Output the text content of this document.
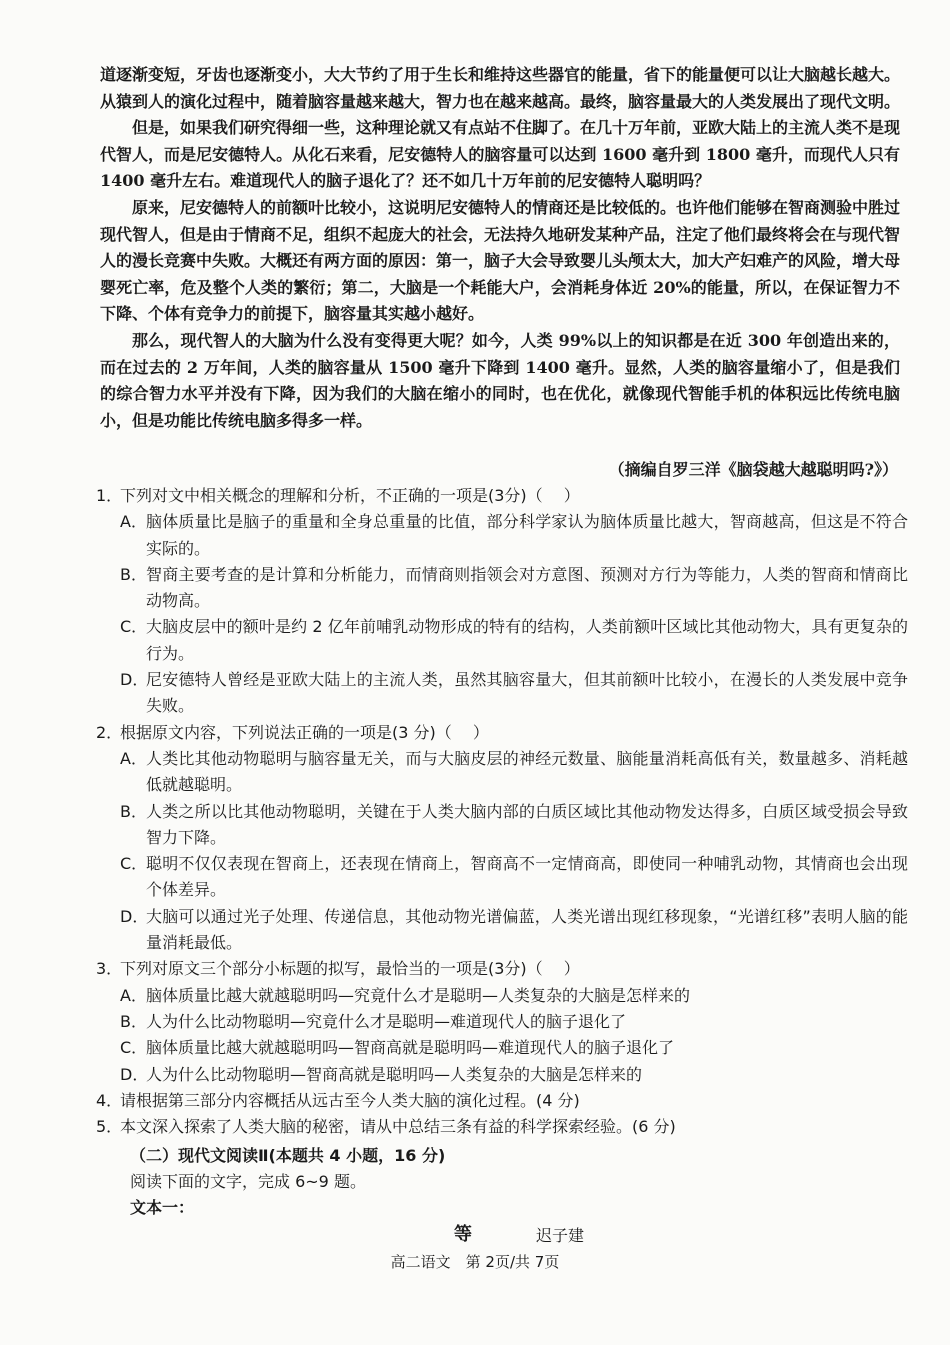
道逐渐变短，牙齿也逐渐变小，大大节约了用于生长和维持这些器官的能量，省下的能量便可以让大脑越长越大。从猿到人的演化过程中，随着脑容量越来越大，智力也在越来越高。最终，脑容量最大的人类发展出了现代文明。

但是，如果我们研究得细一些，这种理论就又有点站不住脚了。在几十万年前，亚欧大陆上的主流人类不是现代智人，而是尼安德特人。从化石来看，尼安德特人的脑容量可以达到 1600 毫升到 1800 毫升，而现代人只有 1400 毫升左右。难道现代人的脑子退化了？还不如几十万年前的尼安德特人聪明吗？

原来，尼安德特人的前额叶比较小，这说明尼安德特人的情商还是比较低的。也许他们能够在智商测验中胜过现代智人，但是由于情商不足，组织不起庞大的社会，无法持久地研发某种产品，注定了他们最终将会在与现代智人的漫长竞赛中失败。大概还有两方面的原因：第一，脑子大会导致婴儿头颅太大，加大产妇难产的风险，增大母婴死亡率，危及整个人类的繁衍；第二，大脑是一个耗能大户，会消耗身体近 20%的能量，所以，在保证智力不下降、个体有竞争力的前提下，脑容量其实越小越好。

那么，现代智人的大脑为什么没有变得更大呢？如今，人类 99%以上的知识都是在近 300 年创造出来的，而在过去的 2 万年间，人类的脑容量从 1500 毫升下降到 1400 毫升。显然，人类的脑容量缩小了，但是我们的综合智力水平并没有下降，因为我们的大脑在缩小的同时，也在优化，就像现代智能手机的体积远比传统电脑小，但是功能比传统电脑多得多一样。

（摘编自罗三洋《脑袋越大越聪明吗?》）
1．
下列对文中相关概念的理解和分析，不正确的一项是(3分)（　 ）
A． 脑体质量比是脑子的重量和全身总重量的比值，部分科学家认为脑体质量比越大，智商越高，但这是不符合实际的。
B． 智商主要考查的是计算和分析能力，而情商则指领会对方意图、预测对方行为等能力，人类的智商和情商比动物高。
C．
大脑皮层中的额叶是约 2 亿年前哺乳动物形成的特有的结构，人类前额叶区域比其他动物大，具有更复杂的行为。
D．
尼安德特人曾经是亚欧大陆上的主流人类，虽然其脑容量大，但其前额叶比较小，在漫长的人类发展中竞争失败。
2．
根据原文内容，下列说法正确的一项是(3 分)（　 ）
A． 人类比其他动物聪明与脑容量无关，而与大脑皮层的神经元数量、脑能量消耗高低有关，数量越多、消耗越低就越聪明。
B． 人类之所以比其他动物聪明，关键在于人类大脑内部的白质区域比其他动物发达得多，白质区域受损会导致智力下降。
C．
聪明不仅仅表现在智商上，还表现在情商上，智商高不一定情商高，即使同一种哺乳动物，其情商也会出现个体差异。
D．
大脑可以通过光子处理、传递信息，其他动物光谱偏蓝，人类光谱出现红移现象，“光谱红移”表明人脑的能量消耗最低。
3．
下列对原文三个部分小标题的拟写，最恰当的一项是(3分)（　 ）
A． 脑体质量比越大就越聪明吗—究竟什么才是聪明—人类复杂的大脑是怎样来的
B． 人为什么比动物聪明—究竟什么才是聪明—难道现代人的脑子退化了
C．
脑体质量比越大就越聪明吗—智商高就是聪明吗—难道现代人的脑子退化了
D．
人为什么比动物聪明—智商高就是聪明吗—人类复杂的大脑是怎样来的
4．
请根据第三部分内容概括从远古至今人类大脑的演化过程。(4 分)
5．
本文深入探索了人类大脑的秘密，请从中总结三条有益的科学探索经验。(6 分)
（二）现代文阅读Ⅱ(本题共 4 小题，16 分)
阅读下面的文字，完成 6~9 题。
文本一：
等	迟子建
高二语文　第 2页/共 7页
